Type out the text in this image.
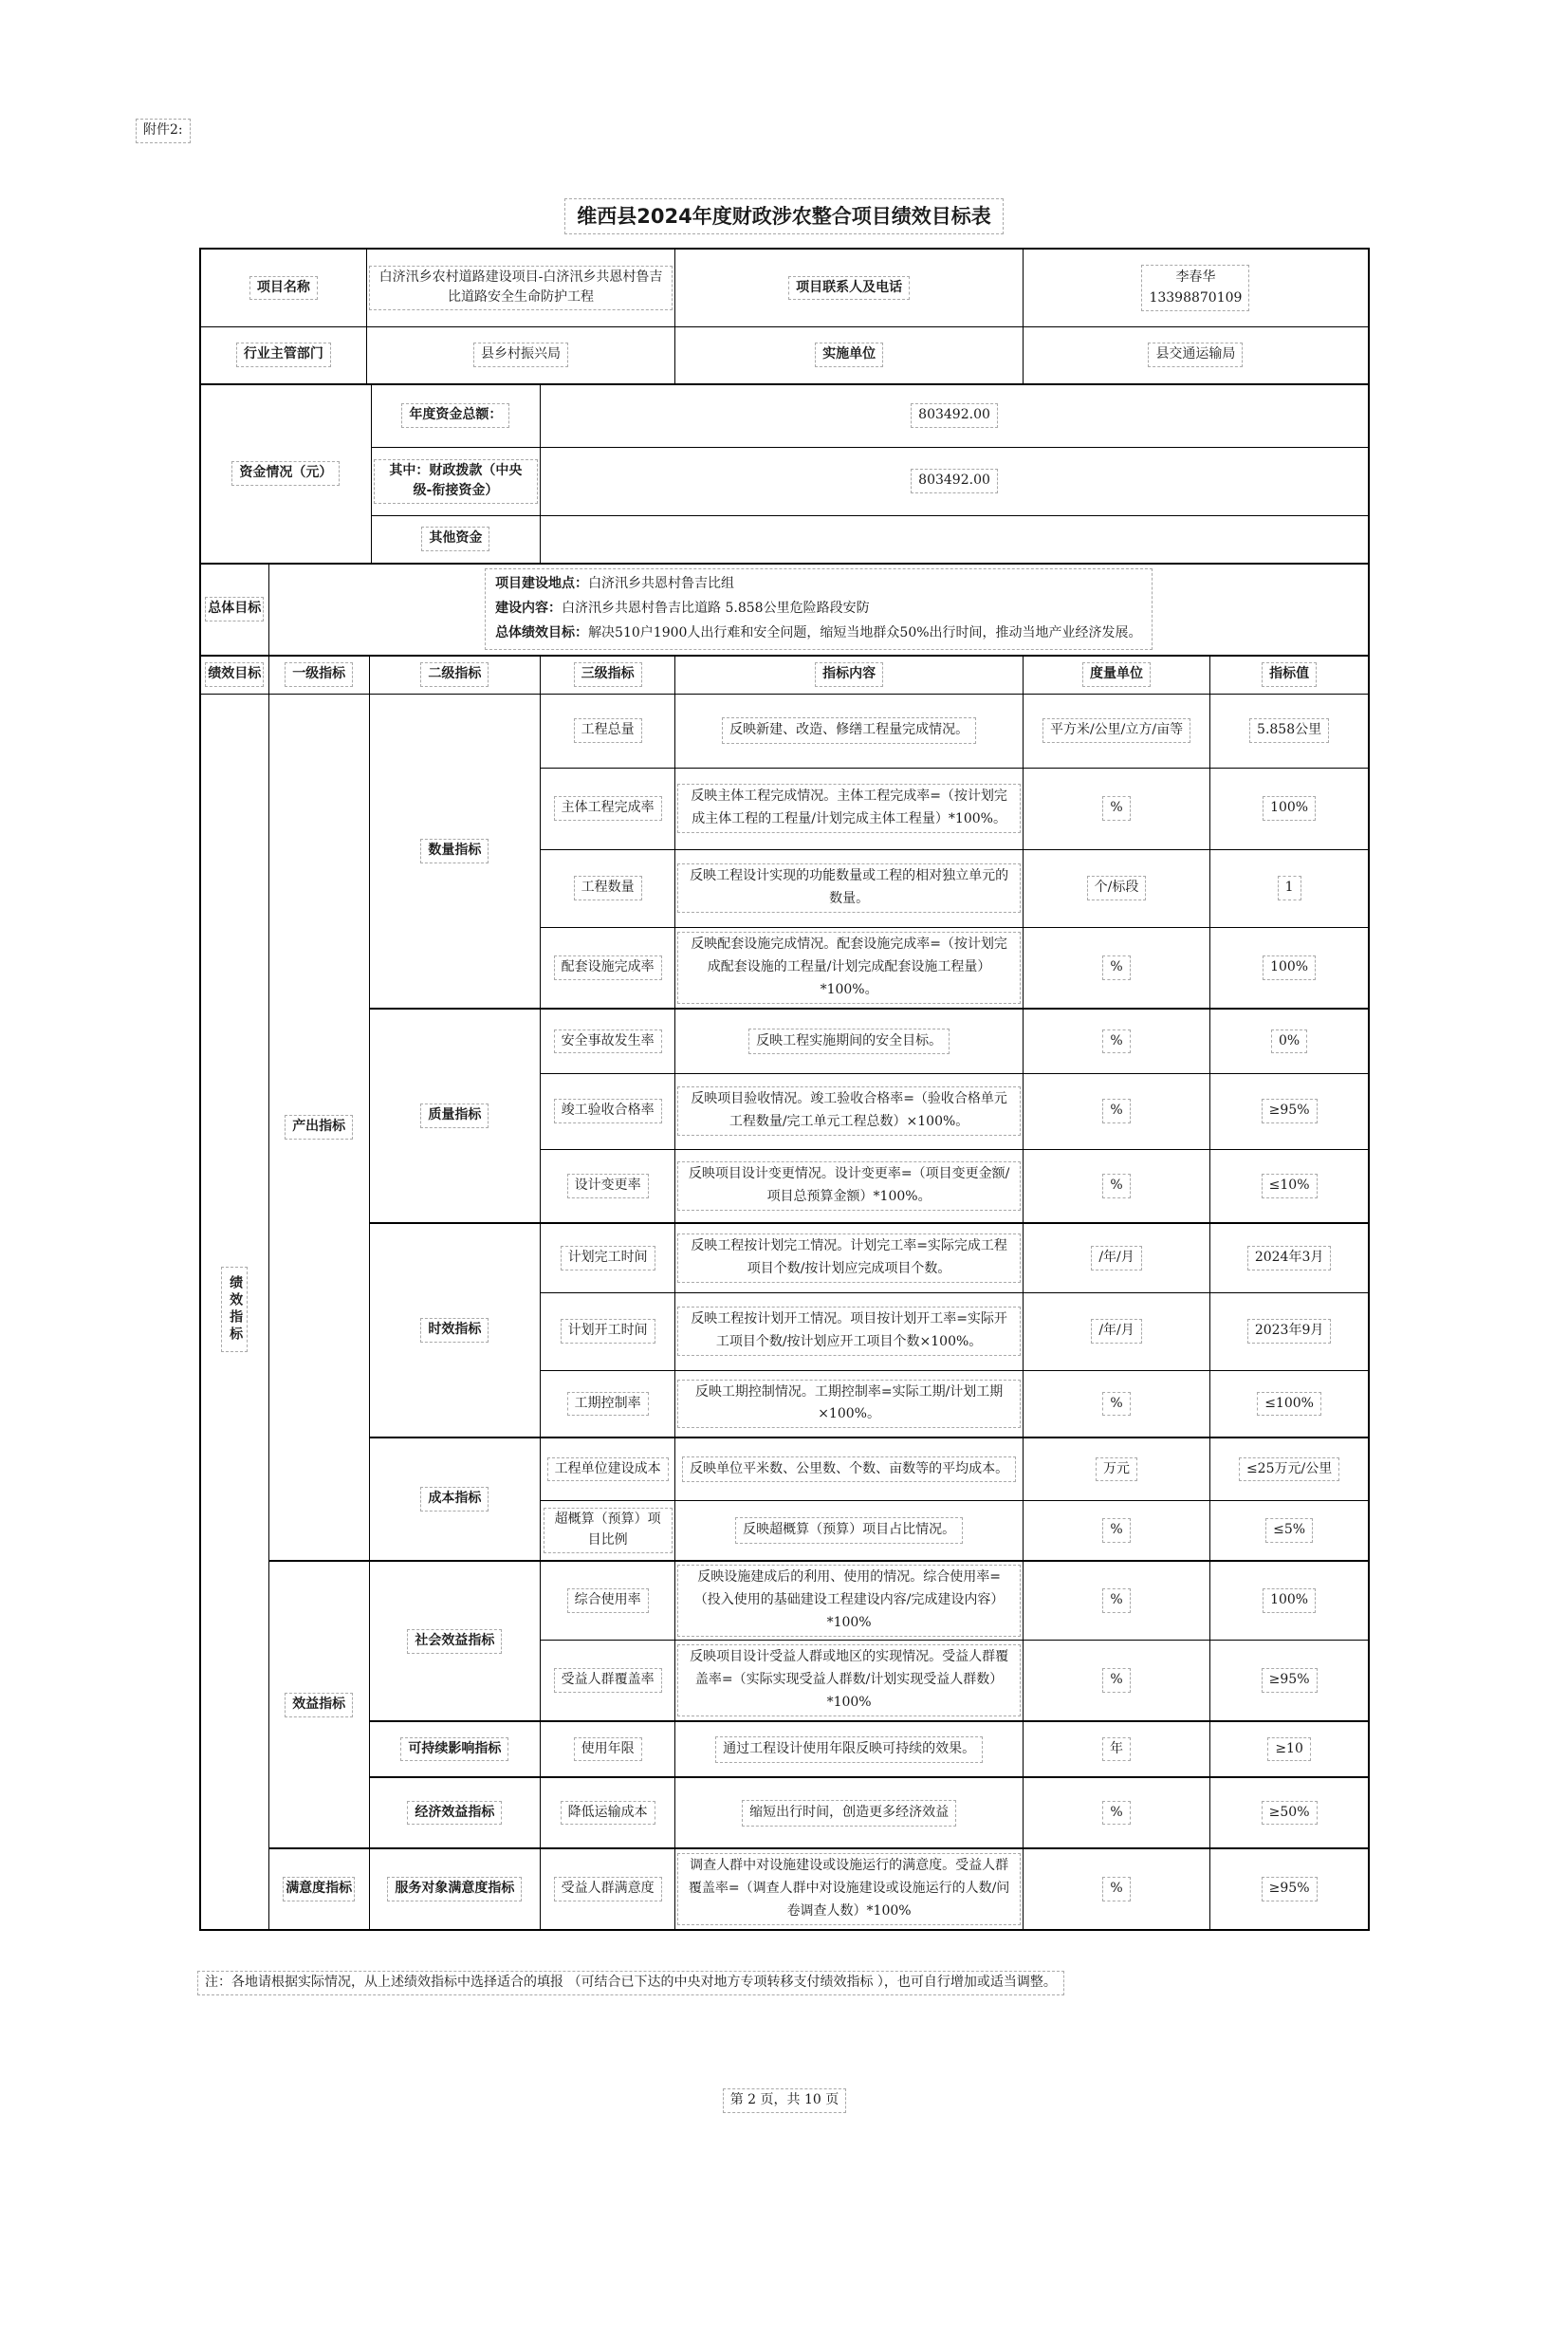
附件2:
维西县2024年度财政涉农整合项目绩效目标表
项目名称	白济汛乡农村道路建设项目-白济汛乡共恩村鲁吉比道路安全生命防护工程	项目联系人及电话	李春华
13398870109

行业主管部门	县乡村振兴局	实施单位	县交通运输局
资金情况（元）	年度资金总额：	803492.00
	其中：财政拨款（中央级-衔接资金）	803492.00
	其他资金	
总体目标	
项目建设地点：白济汛乡共恩村鲁吉比组
建设内容：白济汛乡共恩村鲁吉比道路 5.858公里危险路段安防
总体绩效目标：解决510户1900人出行难和安全问题，缩短当地群众50%出行时间，推动当地产业经济发展。
绩效目标	一级指标	二级指标	三级指标	指标内容	度量单位	指标值
绩效指标	产出指标	数量指标	工程总量	反映新建、改造、修缮工程量完成情况。	平方米/公里/立方/亩等	5.858公里
			主体工程完成率	反映主体工程完成情况。主体工程完成率=（按计划完成主体工程的工程量/计划完成主体工程量）*100%。	%	100%
			工程数量	反映工程设计实现的功能数量或工程的相对独立单元的数量。	个/标段	1
			配套设施完成率	反映配套设施完成情况。配套设施完成率=（按计划完成配套设施的工程量/计划完成配套设施工程量）*100%。	%	100%
		质量指标	安全事故发生率	反映工程实施期间的安全目标。	%	0%
			竣工验收合格率	反映项目验收情况。竣工验收合格率=（验收合格单元工程数量/完工单元工程总数）×100%。	%	≥95%
			设计变更率	反映项目设计变更情况。设计变更率=（项目变更金额/项目总预算金额）*100%。	%	≤10%
		时效指标	计划完工时间	反映工程按计划完工情况。计划完工率=实际完成工程项目个数/按计划应完成项目个数。	/年/月	2024年3月
			计划开工时间	反映工程按计划开工情况。项目按计划开工率=实际开工项目个数/按计划应开工项目个数×100%。	/年/月	2023年9月
			工期控制率	反映工期控制情况。工期控制率=实际工期/计划工期×100%。	%	≤100%
		成本指标	工程单位建设成本	反映单位平米数、公里数、个数、亩数等的平均成本。	万元	≤25万元/公里
			超概算（预算）项目比例	反映超概算（预算）项目占比情况。	%	≤5%
	效益指标	社会效益指标	综合使用率	反映设施建成后的利用、使用的情况。综合使用率=（投入使用的基础建设工程建设内容/完成建设内容）*100%	%	100%
			受益人群覆盖率	反映项目设计受益人群或地区的实现情况。受益人群覆盖率=（实际实现受益人群数/计划实现受益人群数）*100%	%	≥95%
		可持续影响指标	使用年限	通过工程设计使用年限反映可持续的效果。	年	≥10
		经济效益指标	降低运输成本	缩短出行时间，创造更多经济效益	%	≥50%
	满意度指标	服务对象满意度指标	受益人群满意度	调查人群中对设施建设或设施运行的满意度。受益人群覆盖率=（调查人群中对设施建设或设施运行的人数/问卷调查人数）*100%	%	≥95%
注：各地请根据实际情况，从上述绩效指标中选择适合的填报 （可结合已下达的中央对地方专项转移支付绩效指标 ），也可自行增加或适当调整。
第 2 页，共 10 页
